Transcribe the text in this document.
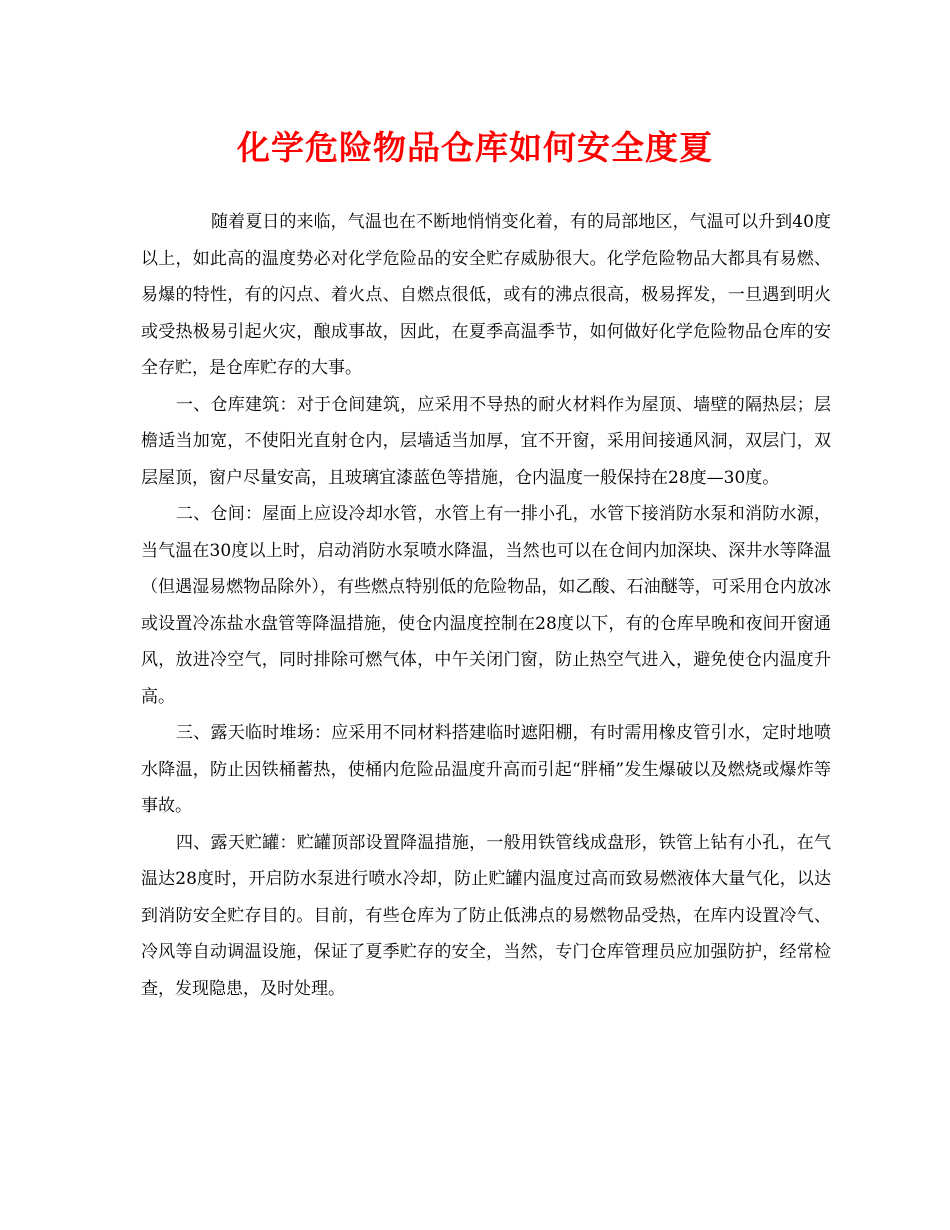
化学危险物品仓库如何安全度夏

随着夏日的来临，气温也在不断地悄悄变化着，有的局部地区，气温可以升到40度以上，如此高的温度势必对化学危险品的安全贮存威胁很大。化学危险物品大都具有易燃、易爆的特性，有的闪点、着火点、自燃点很低，或有的沸点很高，极易挥发，一旦遇到明火或受热极易引起火灾，酿成事故，因此，在夏季高温季节，如何做好化学危险物品仓库的安全存贮，是仓库贮存的大事。

一、仓库建筑：对于仓间建筑，应采用不导热的耐火材料作为屋顶、墙壁的隔热层；层檐适当加宽，不使阳光直射仓内，层墙适当加厚，宜不开窗，采用间接通风洞，双层门，双层屋顶，窗户尽量安高，且玻璃宜漆蓝色等措施，仓内温度一般保持在28度—30度。

二、仓间：屋面上应设冷却水管，水管上有一排小孔，水管下接消防水泵和消防水源，当气温在30度以上时，启动消防水泵喷水降温，当然也可以在仓间内加深块、深井水等降温（但遇湿易燃物品除外），有些燃点特别低的危险物品，如乙酸、石油醚等，可采用仓内放冰或设置冷冻盐水盘管等降温措施，使仓内温度控制在28度以下，有的仓库早晚和夜间开窗通风，放进冷空气，同时排除可燃气体，中午关闭门窗，防止热空气进入，避免使仓内温度升高。

三、露天临时堆场：应采用不同材料搭建临时遮阳棚，有时需用橡皮管引水，定时地喷水降温，防止因铁桶蓄热，使桶内危险品温度升高而引起“胖桶”发生爆破以及燃烧或爆炸等事故。

四、露天贮罐：贮罐顶部设置降温措施，一般用铁管线成盘形，铁管上钻有小孔，在气温达28度时，开启防水泵进行喷水冷却，防止贮罐内温度过高而致易燃液体大量气化，以达到消防安全贮存目的。目前，有些仓库为了防止低沸点的易燃物品受热，在库内设置冷气、冷风等自动调温设施，保证了夏季贮存的安全，当然，专门仓库管理员应加强防护，经常检查，发现隐患，及时处理。
